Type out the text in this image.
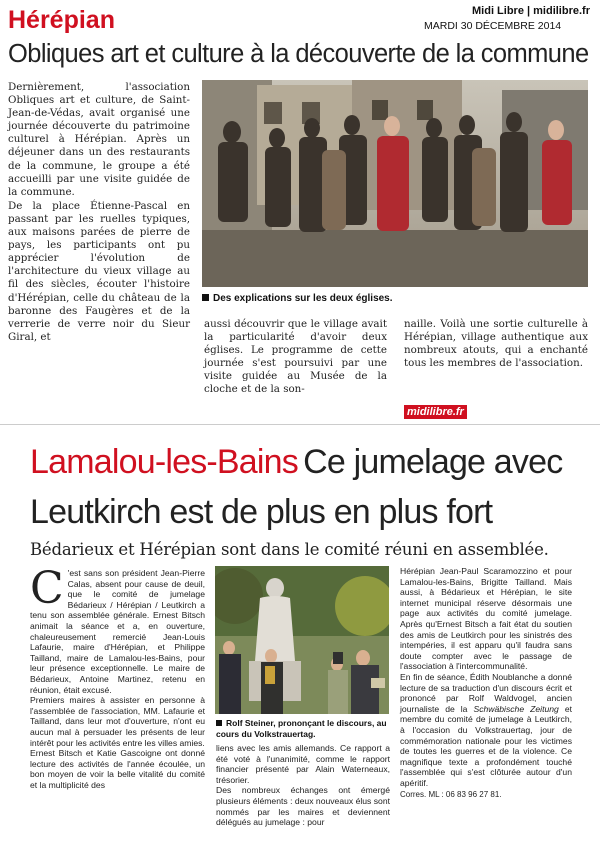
Hérépian	Midi Libre | midilibre.fr
MARDI 30 DÉCEMBRE 2014
Obliques art et culture à la découverte de la commune

Dernièrement, l'association Obliques art et culture, de Saint-Jean-de-Védas, avait organisé une journée découverte du patrimoine culturel à Hérépian. Après un déjeuner dans un des restaurants de la commune, le groupe a été accueilli par une visite guidée de la commune.

De la place Étienne-Pascal en passant par les ruelles typiques, aux maisons parées de pierre de pays, les participants ont pu apprécier l'évolution de l'architecture du vieux village au fil des siècles, écouter l'histoire d'Hérépian, celle du château de la baronne des Faugères et de la verrerie de verre noir du Sieur Giral, et

Des explications sur les deux églises.

aussi découvrir que le village avait la particularité d'avoir deux églises. Le programme de cette journée s'est poursuivi par une visite guidée au Musée de la cloche et de la son-

naille. Voilà une sortie culturelle à Hérépian, village authentique aux nombreux atouts, qui a enchanté tous les membres de l'association.

midilibre.fr
Lamalou-les-Bains Ce jumelage avec
Leutkirch est de plus en plus fort
Bédarieux et Hérépian sont dans le comité réuni en assemblée.
C 'est sans son président Jean-Pierre Calas, absent pour cause de deuil, que le comité de jumelage Bédarieux / Hérépian / Leutkirch a tenu son assemblée générale. Ernest Bitsch animait la séance et a, en ouverture, chaleureusement remercié Jean-Louis Lafaurie, maire d'Hérépian, et Philippe Tailland, maire de Lamalou-les-Bains, pour leur présence exceptionnelle. Le maire de Bédarieux, Antoine Martinez, retenu en réunion, était excusé.

Premiers maires à assister en personne à l'assemblée de l'association, MM. Lafaurie et Tailland, dans leur mot d'ouverture, n'ont eu aucun mal à persuader les présents de leur intérêt pour les activités entre les villes amies.

Ernest Bitsch et Katie Gascoigne ont donné lecture des activités de l'année écoulée, un bon moyen de voir la belle vitalité du comité et la multiplicité des

Rolf Steiner, prononçant le discours, au cours du Volkstrauertag.

liens avec les amis allemands. Ce rapport a été voté à l'unanimité, comme le rapport financier présenté par Alain Waterneaux, trésorier.

Des nombreux échanges ont émergé plusieurs éléments : deux nouveaux élus sont nommés par les maires et deviennent délégués au jumelage : pour

Hérépian Jean-Paul Scaramozzino et pour Lamalou-les-Bains, Brigitte Tailland. Mais aussi, à Bédarieux et Hérépian, le site internet municipal réserve désormais une page aux activités du comité jumelage. Après qu'Ernest Bitsch a fait état du soutien des amis de Leutkirch pour les sinistrés des intempéries, il est apparu qu'il faudra sans doute compter avec le passage de l'association à l'intercommunalité.

En fin de séance, Édith Noublanche a donné lecture de sa traduction d'un discours écrit et prononcé par Rolf Waldvogel, ancien journaliste de la Schwäbische Zeitung et membre du comité de jumelage à Leutkirch, à l'occasion du Volkstrauertag, jour de commémoration nationale pour les victimes de toutes les guerres et de la violence. Ce magnifique texte a profondément touché l'assemblée qui s'est clôturée autour d'un apéritif.

Corres. ML : 06 83 96 27 81.
